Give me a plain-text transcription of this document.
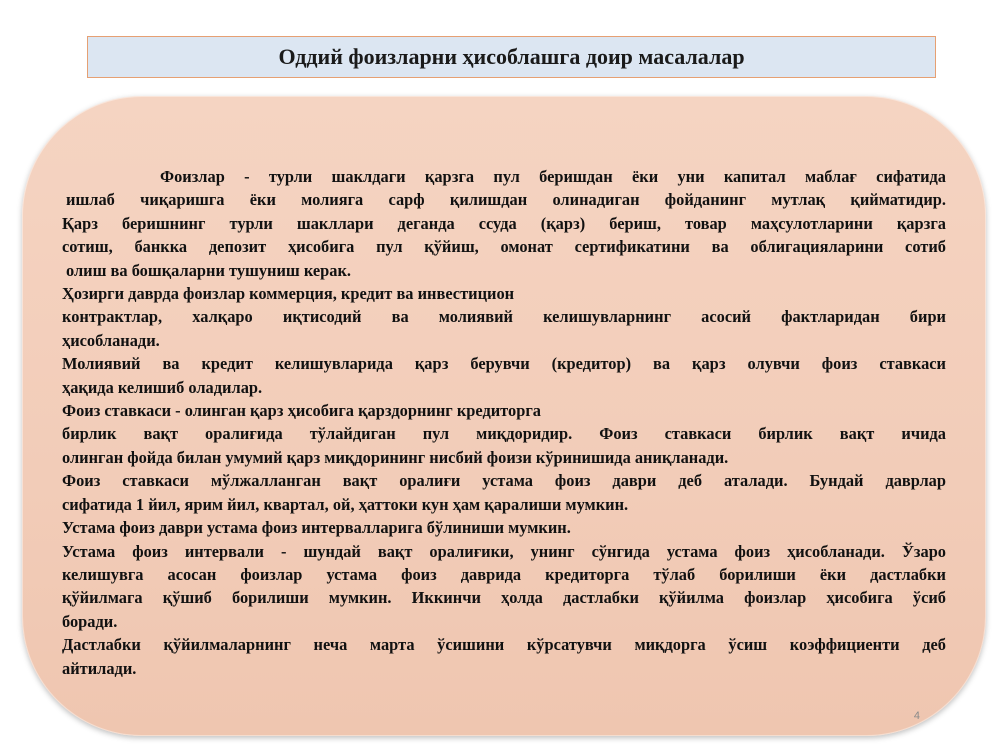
Оддий фоизларни ҳисоблашга доир масалалар
Фоизлар - турли шаклдаги қарзга пул беришдан ёки уни капитал маблағ сифатида
ишлаб чиқаришга ёки молияга сарф қилишдан олинадиган фойданинг мутлақ қийматидир.
Қарз беришнинг турли шакллари деганда ссуда (қарз) бериш, товар маҳсулотларини қарзга
сотиш, банкка депозит ҳисобига пул қўйиш, омонат сертификатини ва облигацияларини сотиб
олиш ва бошқаларни тушуниш керак.
Ҳозирги даврда фоизлар коммерция, кредит ва инвестицион
контрактлар, халқаро иқтисодий ва молиявий келишувларнинг асосий фактларидан бири
ҳисобланади.
Молиявий ва кредит келишувларида қарз берувчи (кредитор) ва қарз олувчи фоиз ставкаси
ҳақида келишиб оладилар.
Фоиз ставкаси - олинган қарз ҳисобига қарздорнинг кредиторга
бирлик вақт оралиғида тўлайдиган пул миқдоридир. Фоиз ставкаси бирлик вақт ичида
олинган фойда билан умумий қарз миқдорининг нисбий фоизи кўринишида аниқланади.
Фоиз ставкаси мўлжалланган вақт оралиғи устама фоиз даври деб аталади. Бундай даврлар
сифатида 1 йил, ярим йил, квартал, ой, ҳаттоки кун ҳам қаралиши мумкин.
Устама фоиз даври устама фоиз интервалларига бўлиниши мумкин.
Устама фоиз интервали - шундай вақт оралиғики, унинг сўнгида устама фоиз ҳисобланади. Ўзаро
келишувга асосан фоизлар устама фоиз даврида кредиторга тўлаб борилиши ёки дастлабки
қўйилмага қўшиб борилиши мумкин. Иккинчи ҳолда дастлабки қўйилма фоизлар ҳисобига ўсиб
боради.
Дастлабки қўйилмаларнинг неча марта ўсишини кўрсатувчи миқдорга ўсиш коэффициенти деб
айтилади.
4
